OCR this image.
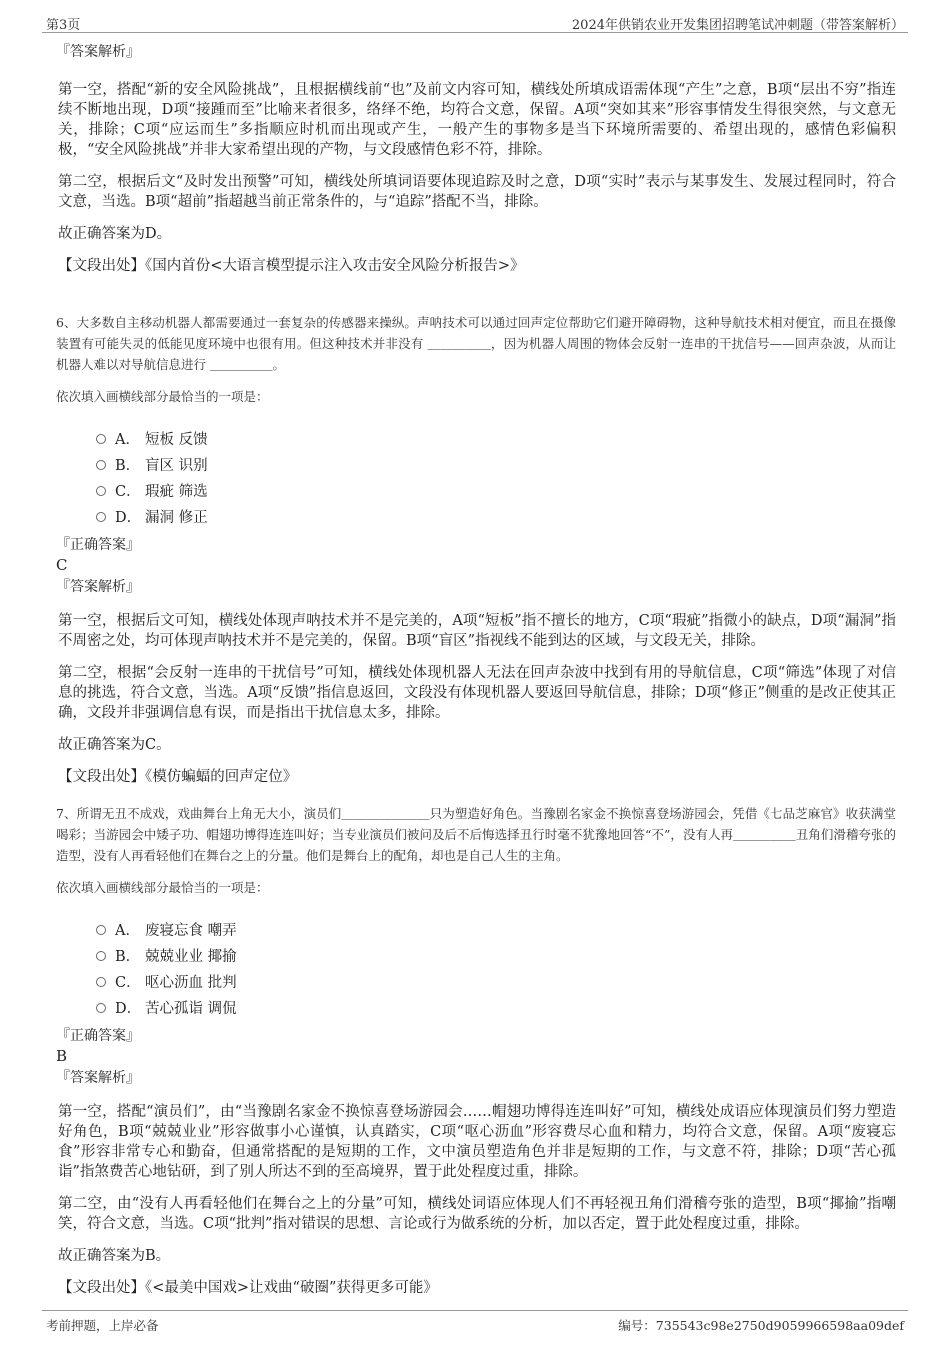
第3页	2024年供销农业开发集团招聘笔试冲刺题（带答案解析）

『答案解析』

第一空，搭配“新的安全风险挑战”，且根据横线前“也”及前文内容可知，横线处所填成语需体现“产生”之意，B项“层出不穷”指连续不断地出现，D项“接踵而至”比喻来者很多，络绎不绝，均符合文意，保留。A项“突如其来”形容事情发生得很突然，与文意无关，排除；C项“应运而生”多指顺应时机而出现或产生，一般产生的事物多是当下环境所需要的、希望出现的，感情色彩偏积极，“安全风险挑战”并非大家希望出现的产物，与文段感情色彩不符，排除。

第二空，根据后文“及时发出预警”可知，横线处所填词语要体现追踪及时之意，D项“实时”表示与某事发生、发展过程同时，符合文意，当选。B项“超前”指超越当前正常条件的，与“追踪”搭配不当，排除。

故正确答案为D。

【文段出处】《国内首份<大语言模型提示注入攻击安全风险分析报告>》

6、大多数自主移动机器人都需要通过一套复杂的传感器来操纵。声呐技术可以通过回声定位帮助它们避开障碍物，这种导航技术相对便宜，而且在摄像装置有可能失灵的低能见度环境中也很有用。但这种技术并非没有 ＿＿＿＿＿，因为机器人周围的物体会反射一连串的干扰信号——回声杂波，从而让机器人难以对导航信息进行 ＿＿＿＿＿。

依次填入画横线部分最恰当的一项是：

A． 短板 反馈
B． 盲区 识别
C． 瑕疵 筛选
D． 漏洞 修正

『正确答案』

C

『答案解析』

第一空，根据后文可知，横线处体现声呐技术并不是完美的，A项“短板”指不擅长的地方，C项“瑕疵”指微小的缺点，D项“漏洞”指不周密之处，均可体现声呐技术并不是完美的，保留。B项“盲区”指视线不能到达的区域，与文段无关，排除。

第二空，根据“会反射一连串的干扰信号”可知，横线处体现机器人无法在回声杂波中找到有用的导航信息，C项“筛选”体现了对信息的挑选，符合文意，当选。A项“反馈”指信息返回，文段没有体现机器人要返回导航信息，排除；D项“修正”侧重的是改正使其正确，文段并非强调信息有误，而是指出干扰信息太多，排除。

故正确答案为C。

【文段出处】《模仿蝙蝠的回声定位》

7、所谓无丑不成戏，戏曲舞台上角无大小，演员们＿＿＿＿＿＿＿只为塑造好角色。当豫剧名家金不换惊喜登场游园会，凭借《七品芝麻官》收获满堂喝彩；当游园会中矮子功、帽翅功博得连连叫好；当专业演员们被问及后不后悔选择丑行时毫不犹豫地回答“不”，没有人再＿＿＿＿＿丑角们滑稽夸张的造型，没有人再看轻他们在舞台之上的分量。他们是舞台上的配角，却也是自己人生的主角。

依次填入画横线部分最恰当的一项是：

A． 废寝忘食 嘲弄
B． 兢兢业业 揶揄
C． 呕心沥血 批判
D． 苦心孤诣 调侃

『正确答案』

B

『答案解析』

第一空，搭配“演员们”，由“当豫剧名家金不换惊喜登场游园会……帽翅功博得连连叫好”可知，横线处成语应体现演员们努力塑造好角色，B项“兢兢业业”形容做事小心谨慎，认真踏实，C项“呕心沥血”形容费尽心血和精力，均符合文意，保留。A项“废寝忘食”形容非常专心和勤奋，但通常搭配的是短期的工作，文中演员塑造角色并非是短期的工作，与文意不符，排除；D项“苦心孤诣”指煞费苦心地钻研，到了别人所达不到的至高境界，置于此处程度过重，排除。

第二空，由“没有人再看轻他们在舞台之上的分量”可知，横线处词语应体现人们不再轻视丑角们滑稽夸张的造型，B项“揶揄”指嘲笑，符合文意，当选。C项“批判”指对错误的思想、言论或行为做系统的分析，加以否定，置于此处程度过重，排除。

故正确答案为B。

【文段出处】《<最美中国戏>让戏曲“破圈”获得更多可能》

考前押题，上岸必备	编号：735543c98e2750d9059966598aa09def
